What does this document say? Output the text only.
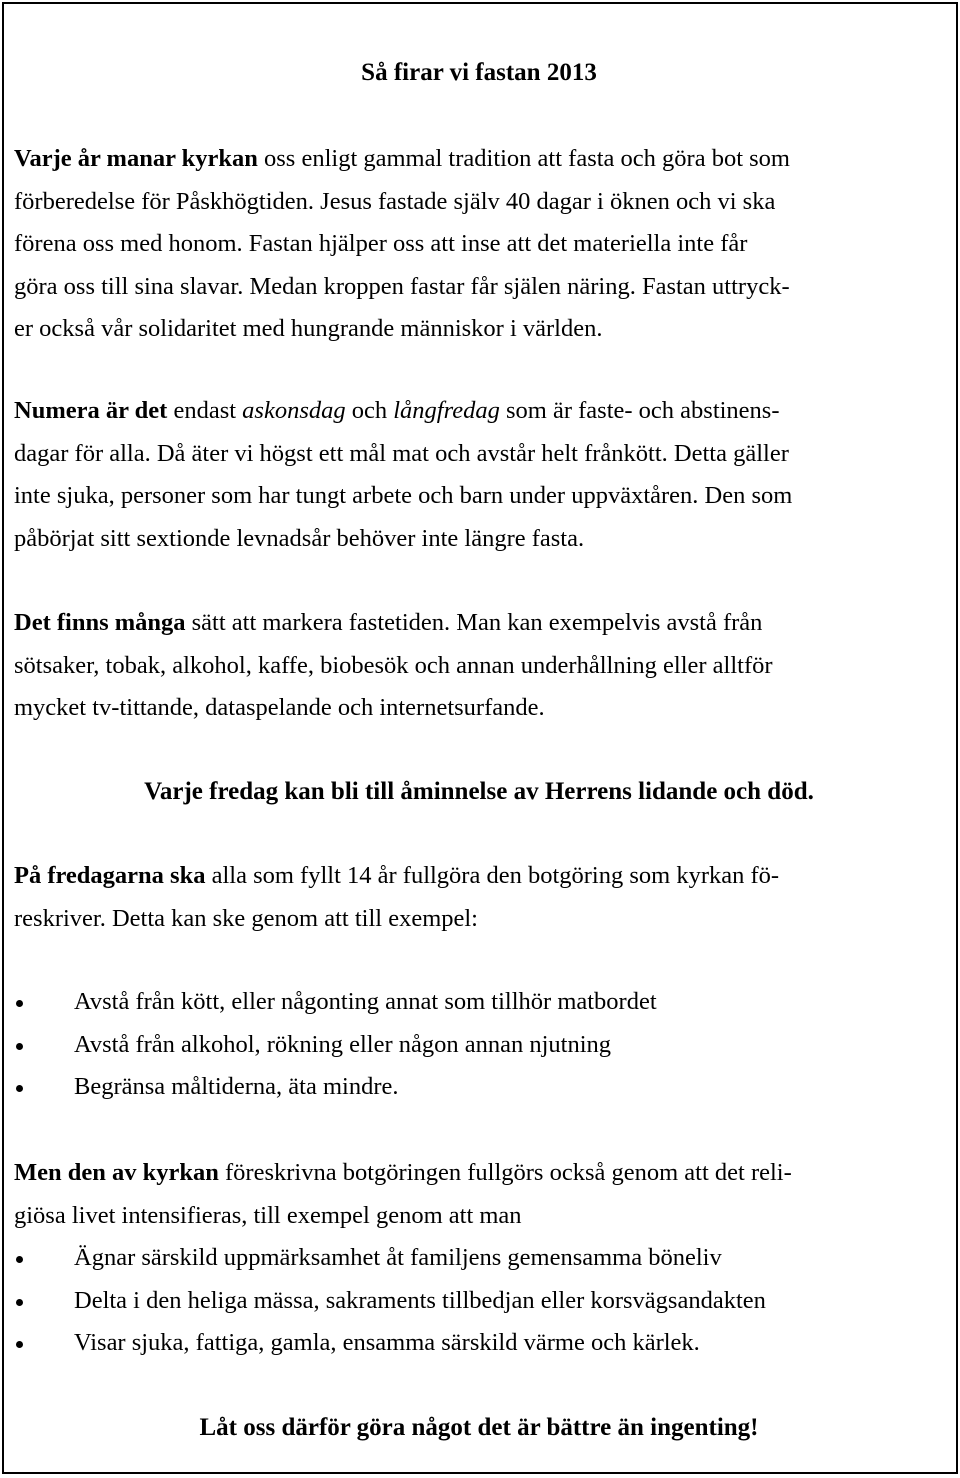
Så firar vi fastan 2013

Varje år manar kyrkan oss enligt gammal tradition att fasta och göra bot som

förberedelse för Påskhögtiden. Jesus fastade själv 40 dagar i öknen och vi ska

förena oss med honom. Fastan hjälper oss att inse att det materiella inte får

göra oss till sina slavar. Medan kroppen fastar får själen näring. Fastan uttryck-

er också vår solidaritet med hungrande människor i världen.

Numera är det endast askonsdag och långfredag som är faste- och abstinens-

dagar för alla. Då äter vi högst ett mål mat och avstår helt frånkött. Detta gäller

inte sjuka, personer som har tungt arbete och barn under uppväxtåren. Den som

påbörjat sitt sextionde levnadsår behöver inte längre fasta.

Det finns många sätt att markera fastetiden. Man kan exempelvis avstå från

sötsaker, tobak, alkohol, kaffe, biobesök och annan underhållning eller alltför

mycket tv-tittande, dataspelande och internetsurfande.

Varje fredag kan bli till åminnelse av Herrens lidande och död.

På fredagarna ska alla som fyllt 14 år fullgöra den botgöring som kyrkan fö-

reskriver. Detta kan ske genom att till exempel:

Avstå från kött, eller någonting annat som tillhör matbordet
Avstå från alkohol, rökning eller någon annan njutning
Begränsa måltiderna, äta mindre.

Men den av kyrkan föreskrivna botgöringen fullgörs också genom att det reli-

giösa livet intensifieras, till exempel genom att man

Ägnar särskild uppmärksamhet åt familjens gemensamma böneliv
Delta i den heliga mässa, sakraments tillbedjan eller korsvägsandakten
Visar sjuka, fattiga, gamla, ensamma särskild värme och kärlek.
Låt oss därför göra något det är bättre än ingenting!
